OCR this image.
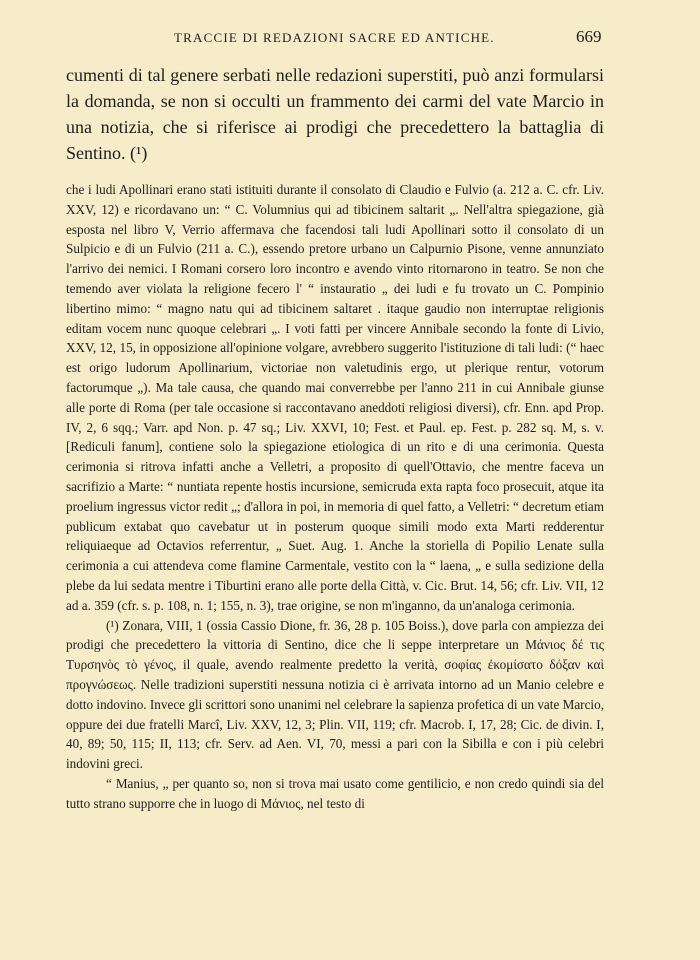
TRACCIE DI REDAZIONI SACRE ED ANTICHE.	669

cumenti di tal genere serbati nelle redazioni superstiti, può anzi formularsi la domanda, se non si occulti un frammento dei carmi del vate Marcio in una notizia, che si riferisce ai prodigi che precedettero la battaglia di Sentino. (¹)

che i ludi Apollinari erano stati istituiti durante il consolato di Claudio e Fulvio (a. 212 a. C. cfr. Liv. XXV, 12) e ricordavano un: “ C. Volumnius qui ad tibicinem saltarit „. Nell'altra spiegazione, già esposta nel libro V, Verrio affermava che facendosi tali ludi Apollinari sotto il consolato di un Sulpicio e di un Fulvio (211 a. C.), essendo pretore urbano un Calpurnio Pisone, venne annunziato l'arrivo dei nemici. I Romani corsero loro incontro e avendo vinto ritornarono in teatro. Se non che temendo aver violata la religione fecero l' “ instauratio „ dei ludi e fu trovato un C. Pompinio libertino mimo: “ magno natu qui ad tibicinem saltaret . itaque gaudio non interruptae religionis editam vocem nunc quoque celebrari „. I voti fatti per vincere Annibale secondo la fonte di Livio, XXV, 12, 15, in opposizione all'opinione volgare, avrebbero suggerito l'istituzione di tali ludi: (“ haec est origo ludorum Apollinarium, victoriae non valetudinis ergo, ut plerique rentur, votorum factorumque „). Ma tale causa, che quando mai converrebbe per l'anno 211 in cui Annibale giunse alle porte di Roma (per tale occasione si raccontavano aneddoti religiosi diversi), cfr. Enn. apd Prop. IV, 2, 6 sqq.; Varr. apd Non. p. 47 sq.; Liv. XXVI, 10; Fest. et Paul. ep. Fest. p. 282 sq. M, s. v. [Rediculi fanum], contiene solo la spiegazione etiologica di un rito e di una cerimonia. Questa cerimonia si ritrova infatti anche a Velletri, a proposito di quell'Ottavio, che mentre faceva un sacrifizio a Marte: “ nuntiata repente hostis incursione, semicruda exta rapta foco prosecuit, atque ita proelium ingressus victor redit „; d'allora in poi, in memoria di quel fatto, a Velletri: “ decretum etiam publicum extabat quo cavebatur ut in posterum quoque simili modo exta Marti redderentur reliquiaeque ad Octavios referrentur, „ Suet. Aug. 1. Anche la storiella di Popilio Lenate sulla cerimonia a cui attendeva come flamine Carmentale, vestito con la “ laena, „ e sulla sedizione della plebe da lui sedata mentre i Tiburtini erano alle porte della Città, v. Cic. Brut. 14, 56; cfr. Liv. VII, 12 ad a. 359 (cfr. s. p. 108, n. 1; 155, n. 3), trae origine, se non m'inganno, da un'analoga cerimonia.

(¹) Zonara, VIII, 1 (ossia Cassio Dione, fr. 36, 28 p. 105 Boiss.), dove parla con ampiezza dei prodigi che precedettero la vittoria di Sentino, dice che li seppe interpretare un Μάνιος δέ τις Τυρσηνὸς τὸ γένος, il quale, avendo realmente predetto la verità, σοφίας ἐκομίσατο δόξαν καὶ προγνώσεως. Nelle tradizioni superstiti nessuna notizia ci è arrivata intorno ad un Manio celebre e dotto indovino. Invece gli scrittori sono unanimi nel celebrare la sapienza profetica di un vate Marcio, oppure dei due fratelli Marcî, Liv. XXV, 12, 3; Plin. VII, 119; cfr. Macrob. I, 17, 28; Cic. de divin. I, 40, 89; 50, 115; II, 113; cfr. Serv. ad Aen. VI, 70, messi a pari con la Sibilla e con i più celebri indovini greci.

“ Manius, „ per quanto so, non si trova mai usato come gentilicio, e non credo quindi sia del tutto strano supporre che in luogo di Μάνιος, nel testo di
